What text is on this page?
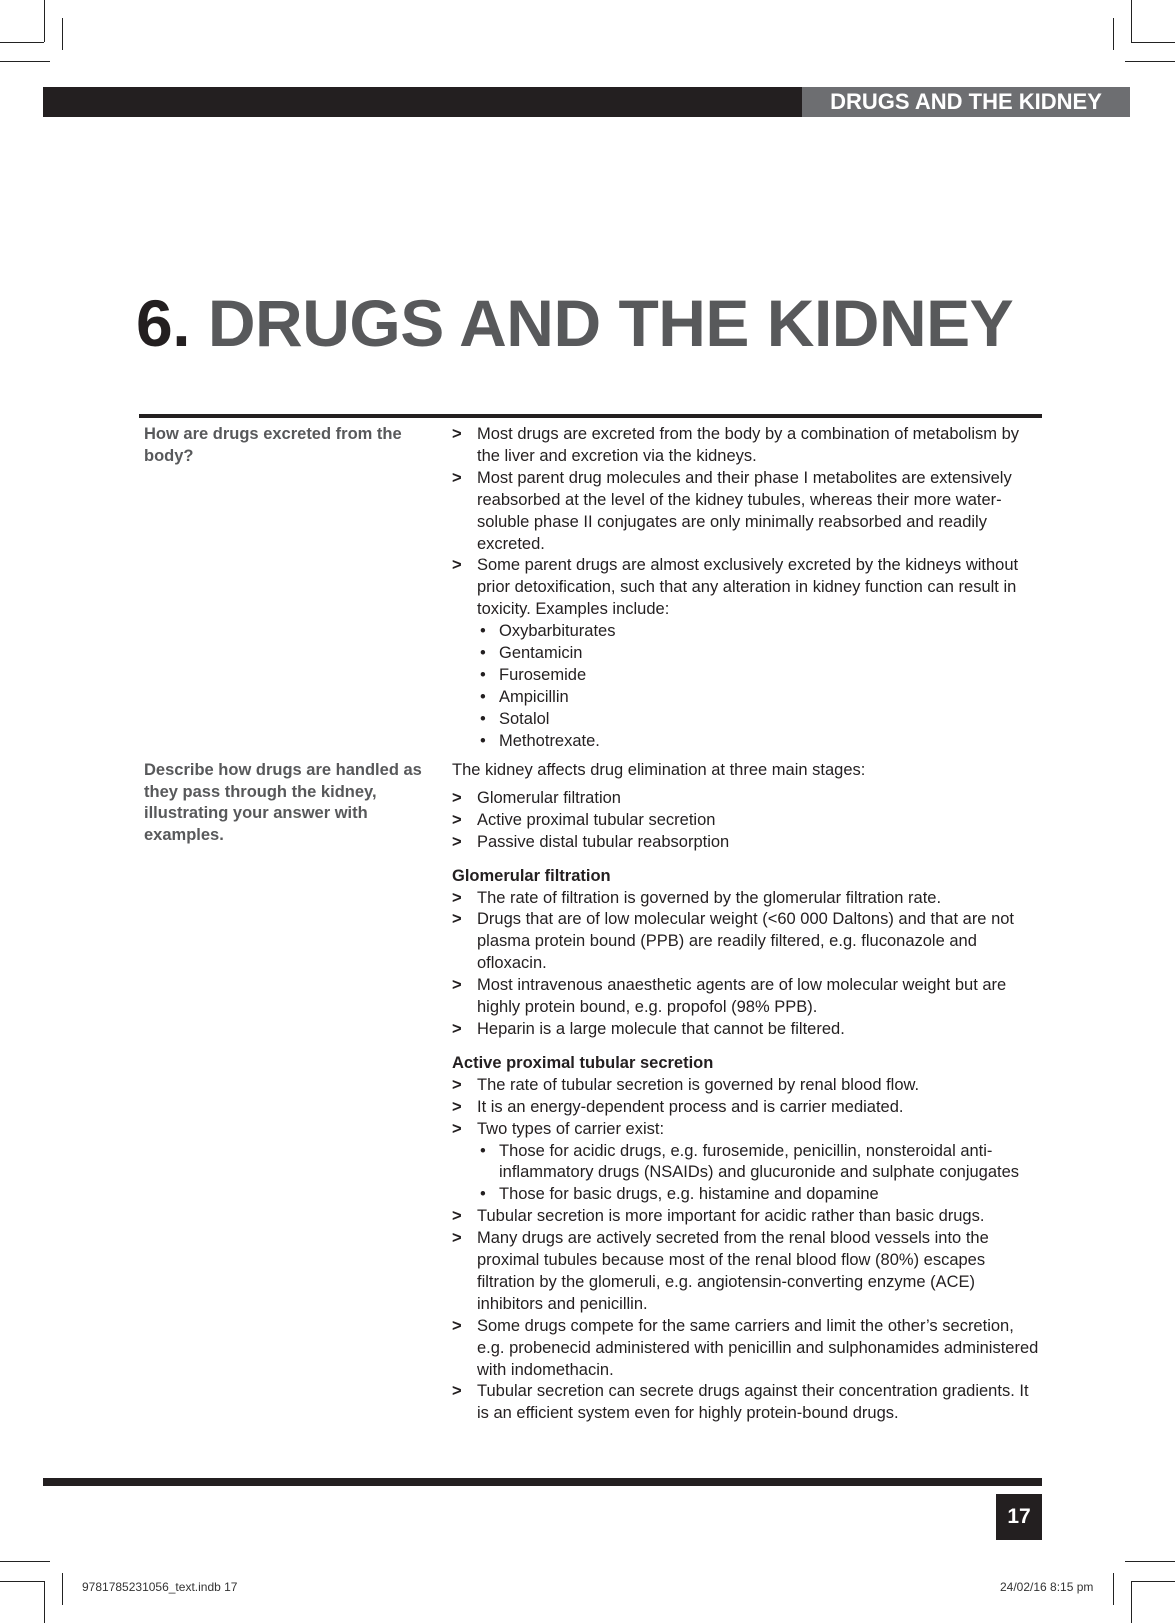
DRUGS AND THE KIDNEY
6. DRUGS AND THE KIDNEY
How are drugs excreted from the body?
> Most drugs are excreted from the body by a combination of metabolism by the liver and excretion via the kidneys.
> Most parent drug molecules and their phase I metabolites are extensively reabsorbed at the level of the kidney tubules, whereas their more water-soluble phase II conjugates are only minimally reabsorbed and readily excreted.
> Some parent drugs are almost exclusively excreted by the kidneys without prior detoxification, such that any alteration in kidney function can result in toxicity. Examples include:
• Oxybarbiturates
• Gentamicin
• Furosemide
• Ampicillin
• Sotalol
• Methotrexate.
Describe how drugs are handled as they pass through the kidney, illustrating your answer with examples.

The kidney affects drug elimination at three main stages:

> Glomerular filtration
> Active proximal tubular secretion
> Passive distal tubular reabsorption
Glomerular filtration
> The rate of filtration is governed by the glomerular filtration rate.
> Drugs that are of low molecular weight (<60 000 Daltons) and that are not plasma protein bound (PPB) are readily filtered, e.g. fluconazole and ofloxacin.
> Most intravenous anaesthetic agents are of low molecular weight but are highly protein bound, e.g. propofol (98% PPB).
> Heparin is a large molecule that cannot be filtered.
Active proximal tubular secretion
> The rate of tubular secretion is governed by renal blood flow.
> It is an energy-dependent process and is carrier mediated.
> Two types of carrier exist:
• Those for acidic drugs, e.g. furosemide, penicillin, nonsteroidal anti-inflammatory drugs (NSAIDs) and glucuronide and sulphate conjugates
• Those for basic drugs, e.g. histamine and dopamine
> Tubular secretion is more important for acidic rather than basic drugs.
> Many drugs are actively secreted from the renal blood vessels into the proximal tubules because most of the renal blood flow (80%) escapes filtration by the glomeruli, e.g. angiotensin-converting enzyme (ACE) inhibitors and penicillin.
> Some drugs compete for the same carriers and limit the other’s secretion, e.g. probenecid administered with penicillin and sulphonamides administered with indomethacin.
> Tubular secretion can secrete drugs against their concentration gradients. It is an efficient system even for highly protein-bound drugs.
17
9781785231056_text.indb 17	24/02/16 8:15 pm
